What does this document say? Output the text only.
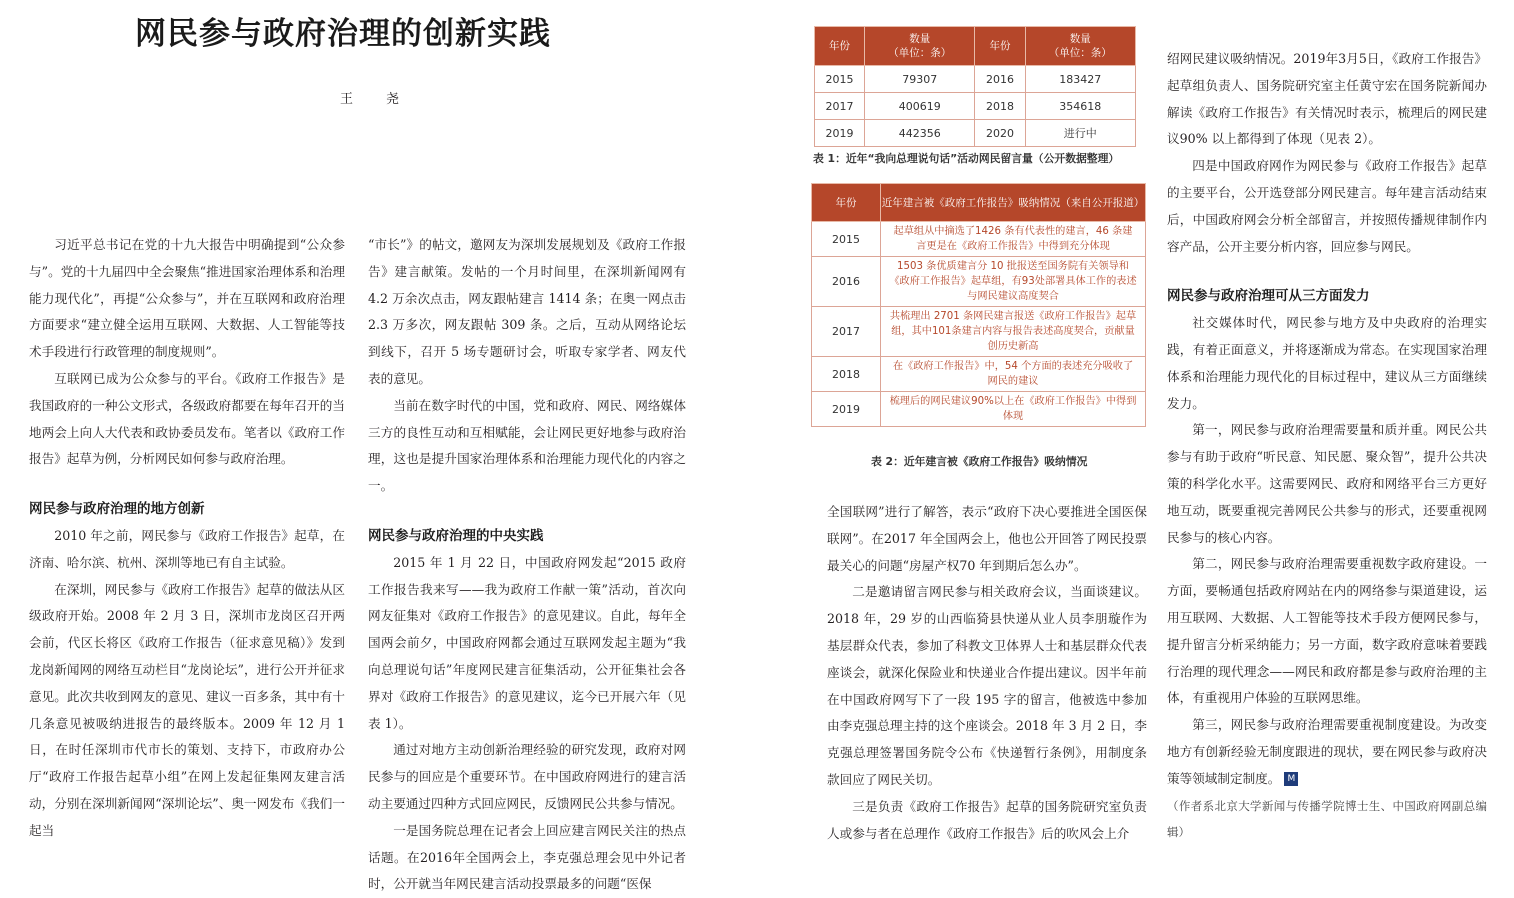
网民参与政府治理的创新实践
王　尧

习近平总书记在党的十九大报告中明确提到“公众参与”。党的十九届四中全会聚焦“推进国家治理体系和治理能力现代化”，再提“公众参与”，并在互联网和政府治理方面要求“建立健全运用互联网、大数据、人工智能等技术手段进行行政管理的制度规则”。

互联网已成为公众参与的平台。《政府工作报告》是我国政府的一种公文形式，各级政府都要在每年召开的当地两会上向人大代表和政协委员发布。笔者以《政府工作报告》起草为例，分析网民如何参与政府治理。

网民参与政府治理的地方创新

2010 年之前，网民参与《政府工作报告》起草，在济南、哈尔滨、杭州、深圳等地已有自主试验。

在深圳，网民参与《政府工作报告》起草的做法从区级政府开始。2008 年 2 月 3 日，深圳市龙岗区召开两会前，代区长将区《政府工作报告（征求意见稿）》发到龙岗新闻网的网络互动栏目“龙岗论坛”，进行公开并征求意见。此次共收到网友的意见、建议一百多条，其中有十几条意见被吸纳进报告的最终版本。2009 年 12 月 1 日，在时任深圳市代市长的策划、支持下，市政府办公厅“政府工作报告起草小组”在网上发起征集网友建言活动，分别在深圳新闻网“深圳论坛”、奥一网发布《我们一起当

“市长”》的帖文，邀网友为深圳发展规划及《政府工作报告》建言献策。发帖的一个月时间里，在深圳新闻网有 4.2 万余次点击，网友跟帖建言 1414 条；在奥一网点击 2.3 万多次，网友跟帖 309 条。之后，互动从网络论坛到线下，召开 5 场专题研讨会，听取专家学者、网友代表的意见。

当前在数字时代的中国，党和政府、网民、网络媒体三方的良性互动和互相赋能，会让网民更好地参与政府治理，这也是提升国家治理体系和治理能力现代化的内容之一。

网民参与政府治理的中央实践

2015 年 1 月 22 日，中国政府网发起“2015 政府工作报告我来写——我为政府工作献一策”活动，首次向网友征集对《政府工作报告》的意见建议。自此，每年全国两会前夕，中国政府网都会通过互联网发起主题为“我向总理说句话”年度网民建言征集活动，公开征集社会各界对《政府工作报告》的意见建议，迄今已开展六年（见表 1）。

通过对地方主动创新治理经验的研究发现，政府对网民参与的回应是个重要环节。在中国政府网进行的建言活动主要通过四种方式回应网民，反馈网民公共参与情况。

一是国务院总理在记者会上回应建言网民关注的热点话题。在2016年全国两会上，李克强总理会见中外记者时，公开就当年网民建言活动投票最多的问题“医保

全国联网”进行了解答，表示“政府下决心要推进全国医保联网”。在2017 年全国两会上，他也公开回答了网民投票最关心的问题“房屋产权70 年到期后怎么办”。

二是邀请留言网民参与相关政府会议，当面谈建议。2018 年，29 岁的山西临猗县快递从业人员李朋璇作为基层群众代表，参加了科教文卫体界人士和基层群众代表座谈会，就深化保险业和快递业合作提出建议。因半年前在中国政府网写下了一段 195 字的留言，他被选中参加由李克强总理主持的这个座谈会。2018 年 3 月 2 日，李克强总理签署国务院令公布《快递暂行条例》，用制度条款回应了网民关切。

三是负责《政府工作报告》起草的国务院研究室负责人或参与者在总理作《政府工作报告》后的吹风会上介

绍网民建议吸纳情况。2019年3月5日，《政府工作报告》起草组负责人、国务院研究室主任黄守宏在国务院新闻办解读《政府工作报告》有关情况时表示，梳理后的网民建议90% 以上都得到了体现（见表 2）。

四是中国政府网作为网民参与《政府工作报告》起草的主要平台，公开选登部分网民建言。每年建言活动结束后，中国政府网会分析全部留言，并按照传播规律制作内容产品，公开主要分析内容，回应参与网民。

网民参与政府治理可从三方面发力

社交媒体时代，网民参与地方及中央政府的治理实践，有着正面意义，并将逐渐成为常态。在实现国家治理体系和治理能力现代化的目标过程中，建议从三方面继续发力。

第一，网民参与政府治理需要量和质并重。网民公共参与有助于政府“听民意、知民愿、聚众智”，提升公共决策的科学化水平。这需要网民、政府和网络平台三方更好地互动，既要重视完善网民公共参与的形式，还要重视网民参与的核心内容。

第二，网民参与政府治理需要重视数字政府建设。一方面，要畅通包括政府网站在内的网络参与渠道建设，运用互联网、大数据、人工智能等技术手段方便网民参与，提升留言分析采纳能力；另一方面，数字政府意味着要践行治理的现代理念——网民和政府都是参与政府治理的主体，有重视用户体验的互联网思维。

第三，网民参与政府治理需要重视制度建设。为改变地方有创新经验无制度跟进的现状，要在网民参与政府决策等领域制定制度。 M

（作者系北京大学新闻与传播学院博士生、中国政府网副总编辑）

年份	数量
（单位：条）	年份	数量
（单位：条）
2015	79307	2016	183427
2017	400619	2018	354618
2019	442356	2020	进行中
表 1：近年“我向总理说句话”活动网民留言量（公开数据整理）
年份	近年建言被《政府工作报告》吸纳情况（来自公开报道）
2015	起草组从中摘选了1426 条有代表性的建言，46 条建言更是在《政府工作报告》中得到充分体现
2016	1503 条优质建言分 10 批报送至国务院有关领导和《政府工作报告》起草组，有93处部署具体工作的表述与网民建议高度契合
2017	共梳理出 2701 条网民建言报送《政府工作报告》起草组，其中101条建言内容与报告表述高度契合，贡献量创历史新高
2018	在《政府工作报告》中，54 个方面的表述充分吸收了网民的建议
2019	梳理后的网民建议90%以上在《政府工作报告》中得到体现
表 2：近年建言被《政府工作报告》吸纳情况
